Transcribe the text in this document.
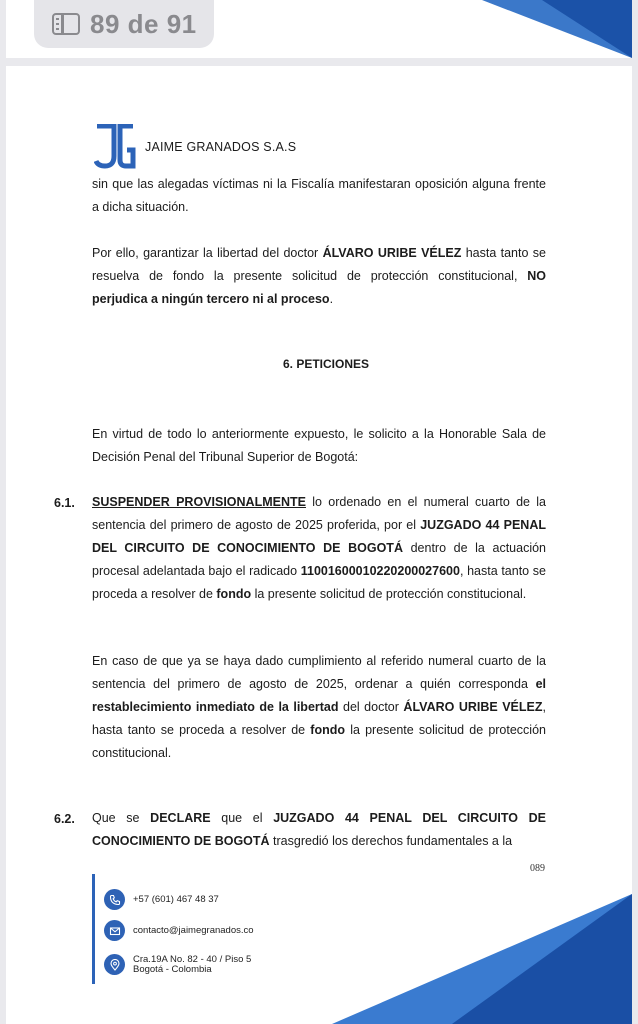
89 de 91
JAIME GRANADOS S.A.S

sin que las alegadas víctimas ni la Fiscalía manifestaran oposición alguna frente a dicha situación.

Por ello, garantizar la libertad del doctor ÁLVARO URIBE VÉLEZ hasta tanto se resuelva de fondo la presente solicitud de protección constitucional, NO perjudica a ningún tercero ni al proceso.

6. PETICIONES

En virtud de todo lo anteriormente expuesto, le solicito a la Honorable Sala de Decisión Penal del Tribunal Superior de Bogotá:

6.1. SUSPENDER PROVISIONALMENTE lo ordenado en el numeral cuarto de la sentencia del primero de agosto de 2025 proferida, por el JUZGADO 44 PENAL DEL CIRCUITO DE CONOCIMIENTO DE BOGOTÁ dentro de la actuación procesal adelantada bajo el radicado 11001600010220200027600, hasta tanto se proceda a resolver de fondo la presente solicitud de protección constitucional.

En caso de que ya se haya dado cumplimiento al referido numeral cuarto de la sentencia del primero de agosto de 2025, ordenar a quién corresponda el restablecimiento inmediato de la libertad del doctor ÁLVARO URIBE VÉLEZ, hasta tanto se proceda a resolver de fondo la presente solicitud de protección constitucional.

6.2. Que se DECLARE que el JUZGADO 44 PENAL DEL CIRCUITO DE CONOCIMIENTO DE BOGOTÁ trasgredió los derechos fundamentales a la

089
+57 (601) 467 48 37
contacto@jaimegranados.co
Cra.19A No. 82 - 40 / Piso 5
Bogotá - Colombia
